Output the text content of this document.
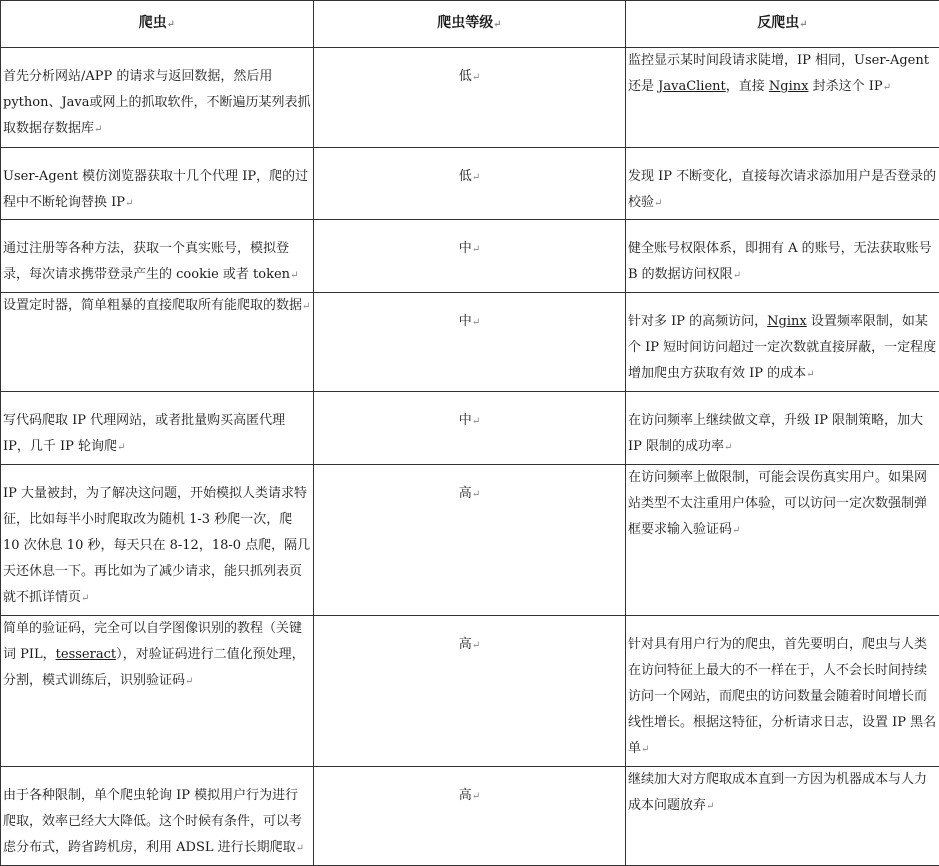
爬虫↵	爬虫等级↵	反爬虫↵

首先分析网站/APP 的请求与返回数据，然后用python、Java或网上的抓取软件，不断遍历某列表抓取数据存数据库↵	低↵	监控显示某时间段请求陡增，IP 相同，User-Agent 还是 JavaClient，直接 Nginx 封杀这个 IP↵

User-Agent 模仿浏览器获取十几个代理 IP，爬的过程中不断轮询替换 IP↵	低↵	发现 IP 不断变化，直接每次请求添加用户是否登录的校验↵

通过注册等各种方法，获取一个真实账号，模拟登录，每次请求携带登录产生的 cookie 或者 token↵	中↵	健全账号权限体系，即拥有 A 的账号，无法获取账号 B 的数据访问权限↵

设置定时器，简单粗暴的直接爬取所有能爬取的数据↵	中↵	针对多 IP 的高频访问，Nginx 设置频率限制，如某个 IP 短时间访问超过一定次数就直接屏蔽，一定程度增加爬虫方获取有效 IP 的成本↵

写代码爬取 IP 代理网站，或者批量购买高匿代理 IP，几千 IP 轮询爬↵	中↵	在访问频率上继续做文章，升级 IP 限制策略，加大 IP 限制的成功率↵

IP 大量被封，为了解决这问题，开始模拟人类请求特征，比如每半小时爬取改为随机 1-3 秒爬一次，爬 10 次休息 10 秒，每天只在 8-12，18-0 点爬，隔几天还休息一下。再比如为了减少请求，能只抓列表页就不抓详情页↵	高↵	在访问频率上做限制，可能会误伤真实用户。如果网站类型不太注重用户体验，可以访问一定次数强制弹框要求输入验证码↵

简单的验证码，完全可以自学图像识别的教程（关键词 PIL，tesseract），对验证码进行二值化预处理，分割，模式训练后，识别验证码↵	高↵	针对具有用户行为的爬虫，首先要明白，爬虫与人类在访问特征上最大的不一样在于，人不会长时间持续访问一个网站，而爬虫的访问数量会随着时间增长而线性增长。根据这特征，分析请求日志，设置 IP 黑名单↵

由于各种限制，单个爬虫轮询 IP 模拟用户行为进行爬取，效率已经大大降低。这个时候有条件，可以考虑分布式，跨省跨机房，利用 ADSL 进行长期爬取↵	高↵	继续加大对方爬取成本直到一方因为机器成本与人力成本问题放弃↵
